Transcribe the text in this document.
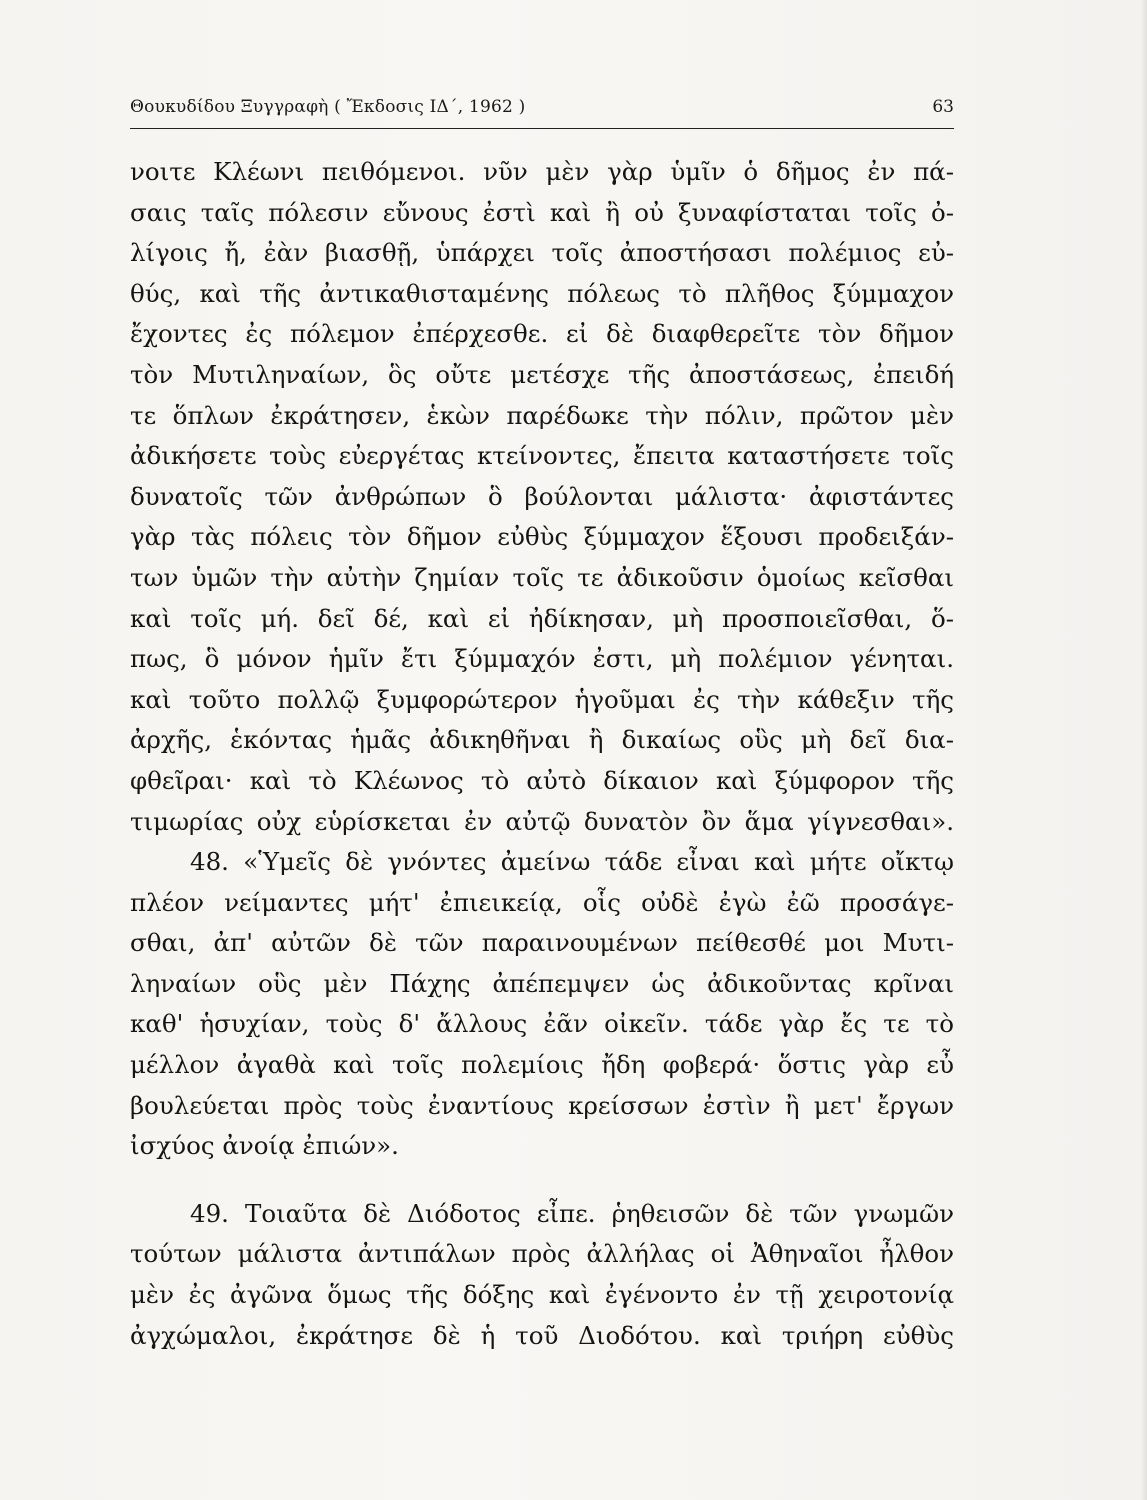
Θουκυδίδου Ξυγγραφὴ ( Ἔκδοσις ΙΔ΄, 1962 )	63
νοιτε Κλέωνι πειθόμενοι. νῦν μὲν γὰρ ὑμῖν ὁ δῆμος ἐν πά-
σαις ταῖς πόλεσιν εὔνους ἐστὶ καὶ ἢ οὐ ξυναφίσταται τοῖς ὀ-
λίγοις ἤ, ἐὰν βιασθῇ, ὑπάρχει τοῖς ἀποστήσασι πολέμιος εὐ-
θύς, καὶ τῆς ἀντικαθισταμένης πόλεως τὸ πλῆθος ξύμμαχον
ἔχοντες ἐς πόλεμον ἐπέρχεσθε. εἰ δὲ διαφθερεῖτε τὸν δῆμον
τὸν Μυτιληναίων, ὃς οὔτε μετέσχε τῆς ἀποστάσεως, ἐπειδή
τε ὅπλων ἐκράτησεν, ἑκὼν παρέδωκε τὴν πόλιν, πρῶτον μὲν
ἀδικήσετε τοὺς εὐεργέτας κτείνοντες, ἔπειτα καταστήσετε τοῖς
δυνατοῖς τῶν ἀνθρώπων ὃ βούλονται μάλιστα· ἀφιστάντες
γὰρ τὰς πόλεις τὸν δῆμον εὐθὺς ξύμμαχον ἕξουσι προδειξάν-
των ὑμῶν τὴν αὐτὴν ζημίαν τοῖς τε ἀδικοῦσιν ὁμοίως κεῖσθαι
καὶ τοῖς μή. δεῖ δέ, καὶ εἰ ἠδίκησαν, μὴ προσποιεῖσθαι, ὅ-
πως, ὃ μόνον ἡμῖν ἔτι ξύμμαχόν ἐστι, μὴ πολέμιον γένηται.
καὶ τοῦτο πολλῷ ξυμφορώτερον ἡγοῦμαι ἐς τὴν κάθεξιν τῆς
ἀρχῆς, ἑκόντας ἡμᾶς ἀδικηθῆναι ἢ δικαίως οὓς μὴ δεῖ δια-
φθεῖραι· καὶ τὸ Κλέωνος τὸ αὐτὸ δίκαιον καὶ ξύμφορον τῆς
τιμωρίας οὐχ εὑρίσκεται ἐν αὐτῷ δυνατὸν ὂν ἅμα γίγνεσθαι».
48. «Ὑμεῖς δὲ γνόντες ἀμείνω τάδε εἶναι καὶ μήτε οἴκτῳ
πλέον νείμαντες μήτ' ἐπιεικείᾳ, οἷς οὐδὲ ἐγὼ ἐῶ προσάγε-
σθαι, ἀπ' αὐτῶν δὲ τῶν παραινουμένων πείθεσθέ μοι Μυτι-
ληναίων οὓς μὲν Πάχης ἀπέπεμψεν ὡς ἀδικοῦντας κρῖναι
καθ' ἡσυχίαν, τοὺς δ' ἄλλους ἐᾶν οἰκεῖν. τάδε γὰρ ἔς τε τὸ
μέλλον ἀγαθὰ καὶ τοῖς πολεμίοις ἤδη φοβερά· ὅστις γὰρ εὖ
βουλεύεται πρὸς τοὺς ἐναντίους κρείσσων ἐστὶν ἢ μετ' ἔργων
ἰσχύος ἀνοίᾳ ἐπιών».
49. Τοιαῦτα δὲ Διόδοτος εἶπε. ῥηθεισῶν δὲ τῶν γνωμῶν
τούτων μάλιστα ἀντιπάλων πρὸς ἀλλήλας οἱ Ἀθηναῖοι ἦλθον
μὲν ἐς ἀγῶνα ὅμως τῆς δόξης καὶ ἐγένοντο ἐν τῇ χειροτονίᾳ
ἀγχώμαλοι, ἐκράτησε δὲ ἡ τοῦ Διοδότου. καὶ τριήρη εὐθὺς
